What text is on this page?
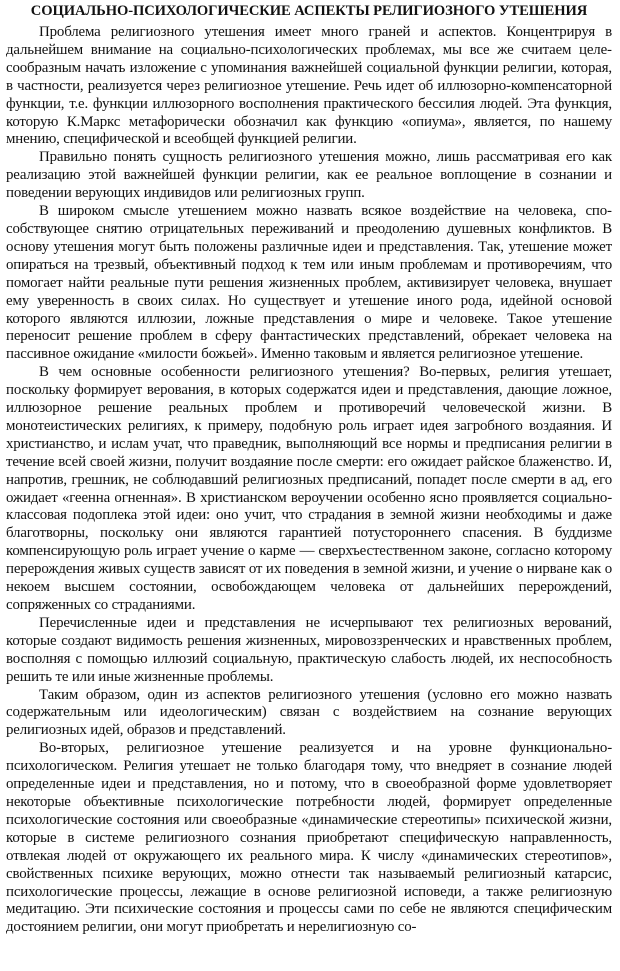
СОЦИАЛЬНО-ПСИХОЛОГИЧЕСКИЕ АСПЕКТЫ РЕЛИГИОЗНОГО УТЕШЕНИЯ

Проблема религиозного утешения имеет много граней и аспектов. Концентрируя в дальнейшем внимание на социально-психологических проблемах, мы все же считаем целесообразным начать изложение с упоминания важнейшей социальной функции религии, которая, в частности, реализуется через религиозное утешение. Речь идет об иллюзорно-компенсаторной функции, т.е. функции иллюзорного восполнения практического бессилия людей. Эта функция, которую К.Маркс метафорически обозначил как функцию «опиума», является, по нашему мнению, специфической и всеобщей функцией религии.

Правильно понять сущность религиозного утешения можно, лишь рассматривая его как реализацию этой важнейшей функции религии, как ее реальное воплощение в сознании и поведении верующих индивидов или религиозных групп.

В широком смысле утешением можно назвать всякое воздействие на человека, способствующее снятию отрицательных переживаний и преодолению душевных конфликтов. В основу утешения могут быть положены различные идеи и представления. Так, утешение может опираться на трезвый, объективный подход к тем или иным проблемам и противоречиям, что помогает найти реальные пути решения жизненных проблем, активизирует человека, внушает ему уверенность в своих силах. Но существует и утешение иного рода, идейной основой которого являются иллюзии, ложные представления о мире и человеке. Такое утешение переносит решение проблем в сферу фантастических представлений, обрекает человека на пассивное ожидание «милости божьей». Именно таковым и является религиозное утешение.

В чем основные особенности религиозного утешения? Во-первых, религия утешает, поскольку формирует верования, в которых содержатся идеи и представления, дающие ложное, иллюзорное решение реальных проблем и противоречий человеческой жизни. В монотеистических религиях, к примеру, подобную роль играет идея загробного воздаяния. И христианство, и ислам учат, что праведник, выполняющий все нормы и предписания религии в течение всей своей жизни, получит воздаяние после смерти: его ожидает райское блаженство. И, напротив, грешник, не соблюдавший религиозных предписаний, попадет после смерти в ад, его ожидает «геенна огненная». В христианском вероучении особенно ясно проявляется социально-классовая подоплека этой идеи: оно учит, что страдания в земной жизни необходимы и даже благотворны, поскольку они являются гарантией потустороннего спасения. В буддизме компенсирующую роль играет учение о карме — сверхъестественном законе, согласно которому перерождения живых существ зависят от их поведения в земной жизни, и учение о нирване как о некоем высшем состоянии, освобождающем человека от дальнейших перерождений, сопряженных со страданиями.

Перечисленные идеи и представления не исчерпывают тех религиозных верований, которые создают видимость решения жизненных, мировоззренческих и нравственных проблем, восполняя с помощью иллюзий социальную, практическую слабость людей, их неспособность решить те или иные жизненные проблемы.

Таким образом, один из аспектов религиозного утешения (условно его можно назвать содержательным или идеологическим) связан с воздействием на сознание верующих религиозных идей, образов и представлений.

Во-вторых, религиозное утешение реализуется и на уровне функционально-психологическом. Религия утешает не только благодаря тому, что внедряет в сознание людей определенные идеи и представления, но и потому, что в своеобразной форме удовлетворяет некоторые объективные психологические потребности людей, формирует определенные психологические состояния или своеобразные «динамические стереотипы» психической жизни, которые в системе религиозного сознания приобретают специфическую направленность, отвлекая людей от окружающего их реального мира. К числу «динамических стереотипов», свойственных психике верующих, можно отнести так называемый религиозный катарсис, психологические процессы, лежащие в основе религиозной исповеди, а также религиозную медитацию. Эти психические состояния и процессы сами по себе не являются специфическим достоянием религии, они могут приобретать и нерелигиозную со-
